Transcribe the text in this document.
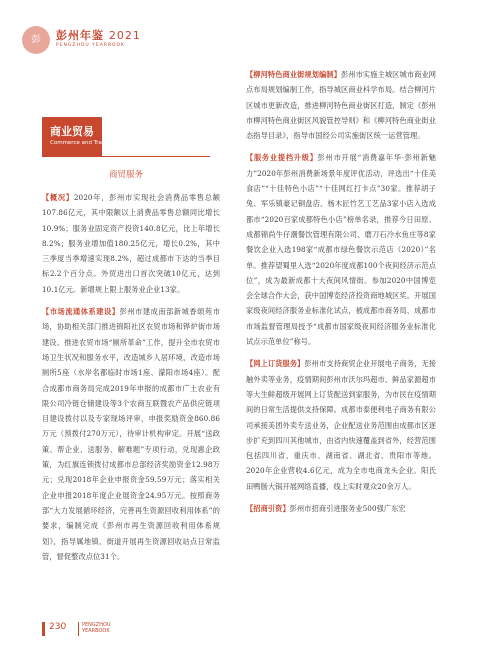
彭	彭州年鉴 2021
PENGZHOU YEARBOOK
商业贸易
Commerce and Trade
商贸服务

【概况】2020年，彭州市实现社会消费品零售总额107.86亿元，其中限额以上消费品零售总额同比增长10.9%；服务业固定资产投资140.8亿元，比上年增长8.2%；服务业增加值180.25亿元，增长0.2%，其中三季度当季增速实现8.2%，超过成都市下达的当季目标2.2个百分点。外贸进出口首次突破10亿元，达到10.1亿元。新增规上限上服务业企业13家。

【市场流通体系建设】彭州市建成南部新城香颂苑市场，协助相关部门推进锦阳社区农贸市场和铧炉街市场建设。推进农贸市场“厕所革命”工作，提升全市农贸市场卫生状况和服务水平，改造城乡人居环境，改造市场厕所5座（水岸名都临时市场1座、濛阳市场4座）。配合成都市商务局完成2019年申报的成都市广土农业有限公司冷链仓储建设等3个农商互联暨农产品供应链项目建设拨付以及专家现场评审，申报奖励资金860.86万元（预拨付270万元），待审计机构审定。开展“送政策、帮企业、送服务、解难题”专项行动，兑现惠企政策，为红旗连锁拨付成都市总部经济奖励资金12.98万元；兑现2018年企业申报资金59.59万元；落实相关企业申报2018年度企业展资金24.95万元。按照商务部“大力发展循环经济，完善再生资源回收利用体系”的要求，编制完成《彭州市再生资源回收利用体系规划》，指导属地镇、街道开展再生资源回收站点日常监管，督促整改点位31个。

【柳河特色商业街规划编制】彭州市实施主城区城市商业网点布局规划编制工作，指导城区商业科学布局。结合柳河片区城市更新改造，推进柳河特色商业街区打造，制定《彭州市柳河特色商业街区风貌管控导则》和《柳河特色商业街业态指导目录》，指导市国经公司实施街区统一运营管理。

【服务业提档升级】彭州市开展“消费嘉年华·彭州新魅力”2020年彭州消费新场景年度评优活动，评选出“十佳美食店”“十佳特色小店”“十佳网红打卡点”30家。推荐胡子兔、军乐镇豪记铜盘店、杨木匠竹艺工艺品3家小店入选成都市“2020百家成都特色小店”榜单名录，推荐今日田原、成都锦尚牛仔潮餐饮管理有限公司、磨刀石冷水鱼庄等8家餐饮企业入选198家“成都市绿色餐饮示范店（2020）”名单。推荐望蜀里入选“2020年度成都100个夜间经济示范点位”，成为最新成都十大夜间风情街。参加2020中国博览会全球合作大会，获中国博览经济投资商地城区奖。开展国家级夜间经济服务业标准化试点，被成都市商务局、成都市市场监督管理局授予“成都市国家级夜间经济服务业标准化试点示范单位”称号。

【网上订货服务】彭州市支持商贸企业开展电子商务，无接触外卖等业务，疫情期间彭州市沃尔玛超市、鲜品家源超市等大生鲜超级开展网上订货配送到家服务，为市民在疫情期间的日常生活提供支持保障。成都市泰便利电子商务有限公司承接美团外卖专送业务，企业配送业务范围由成都市区逐步扩充到四川其他城市，由省内快速覆盖到省外，经营范围包括四川省、重庆市、湖南省、湖北省、贵阳市等地。2020年企业营收4.6亿元，成为全市电商龙头企业。阳氏田鸭肠大锅开展网络直播，线上实时观众20余万人。

【招商引资】彭州市招商引进服务业500强广东宏

230	PENGZHOU
YEARBOOK
